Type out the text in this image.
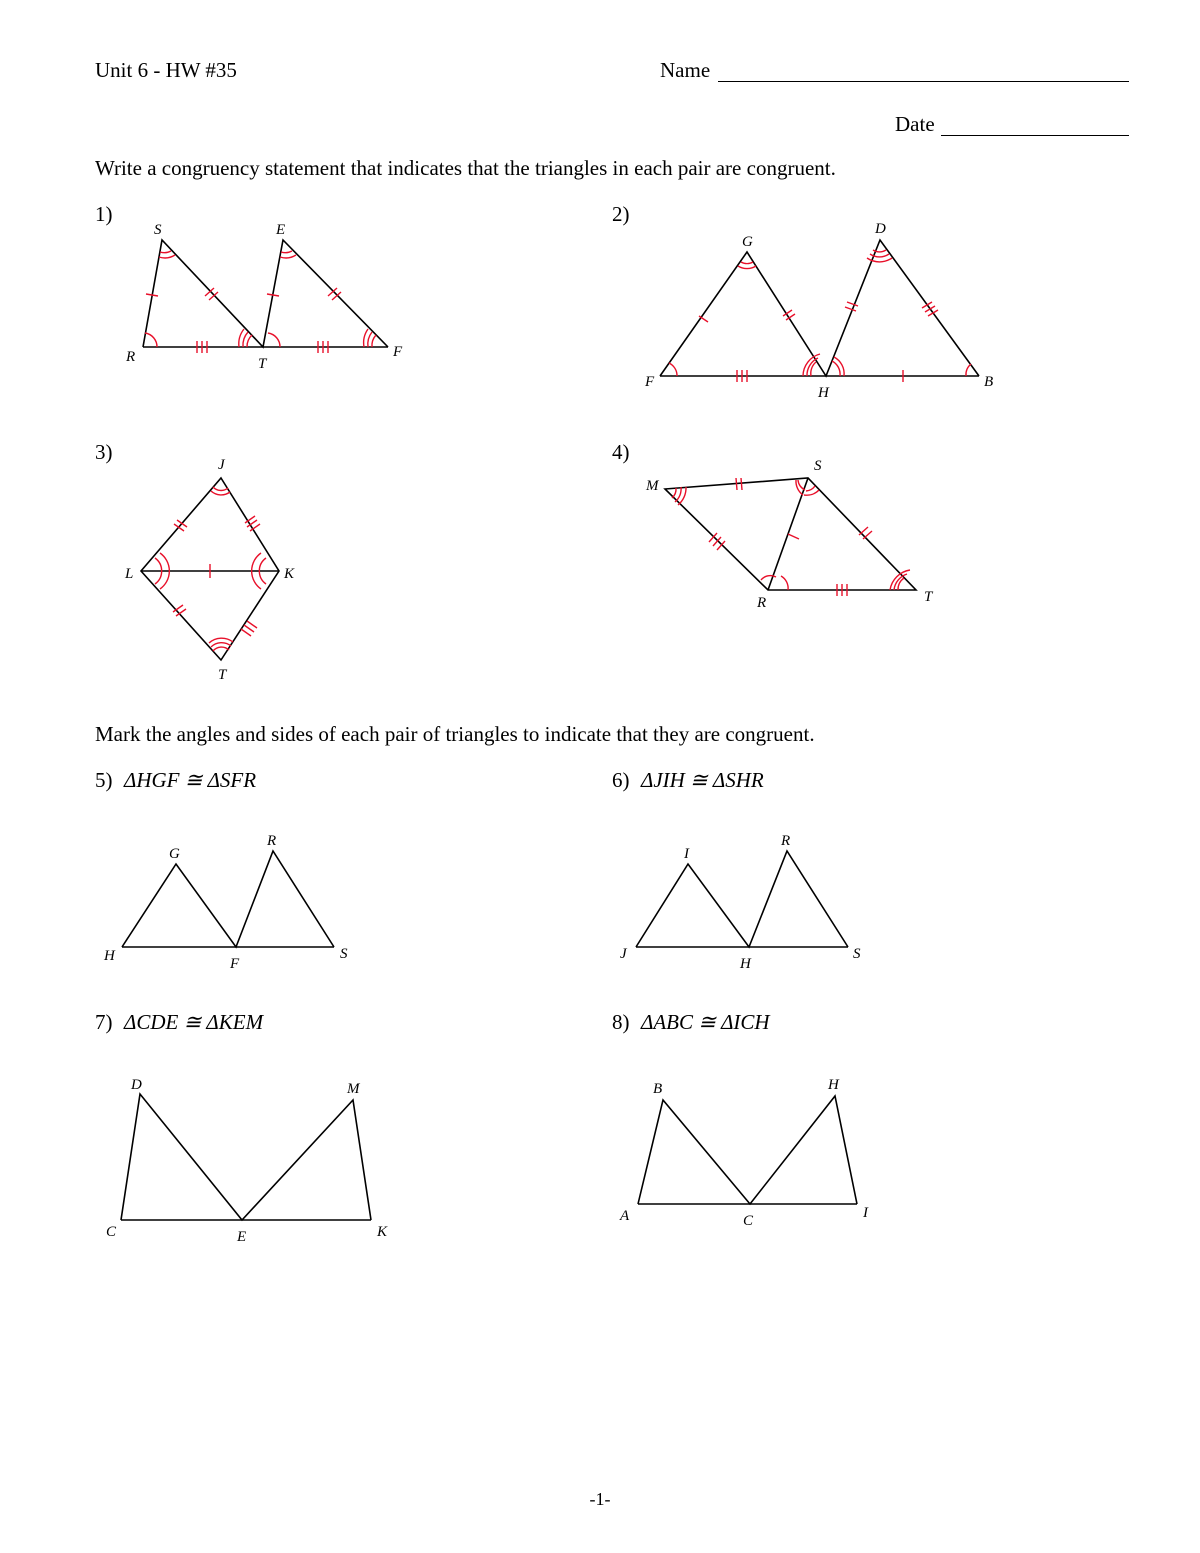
Unit 6 - HW #35	Name
Date
Write a congruency statement that indicates that the triangles in each pair are congruent.
1)	2)
3)	4)
S	E
R	T
F
G
D
F
H
B
J
L	K
T
M
S
R	T
Mark the angles and sides of each pair of triangles to indicate that they are congruent.
5) ΔHGF ≅ ΔSFR	6) ΔJIH ≅ ΔSHR
7) ΔCDE ≅ ΔKEM	8) ΔABC ≅ ΔICH
G
R
H	F
S
I
R
J
H
S
D	M
C	E	K
B	H
A	C	I
-1-
